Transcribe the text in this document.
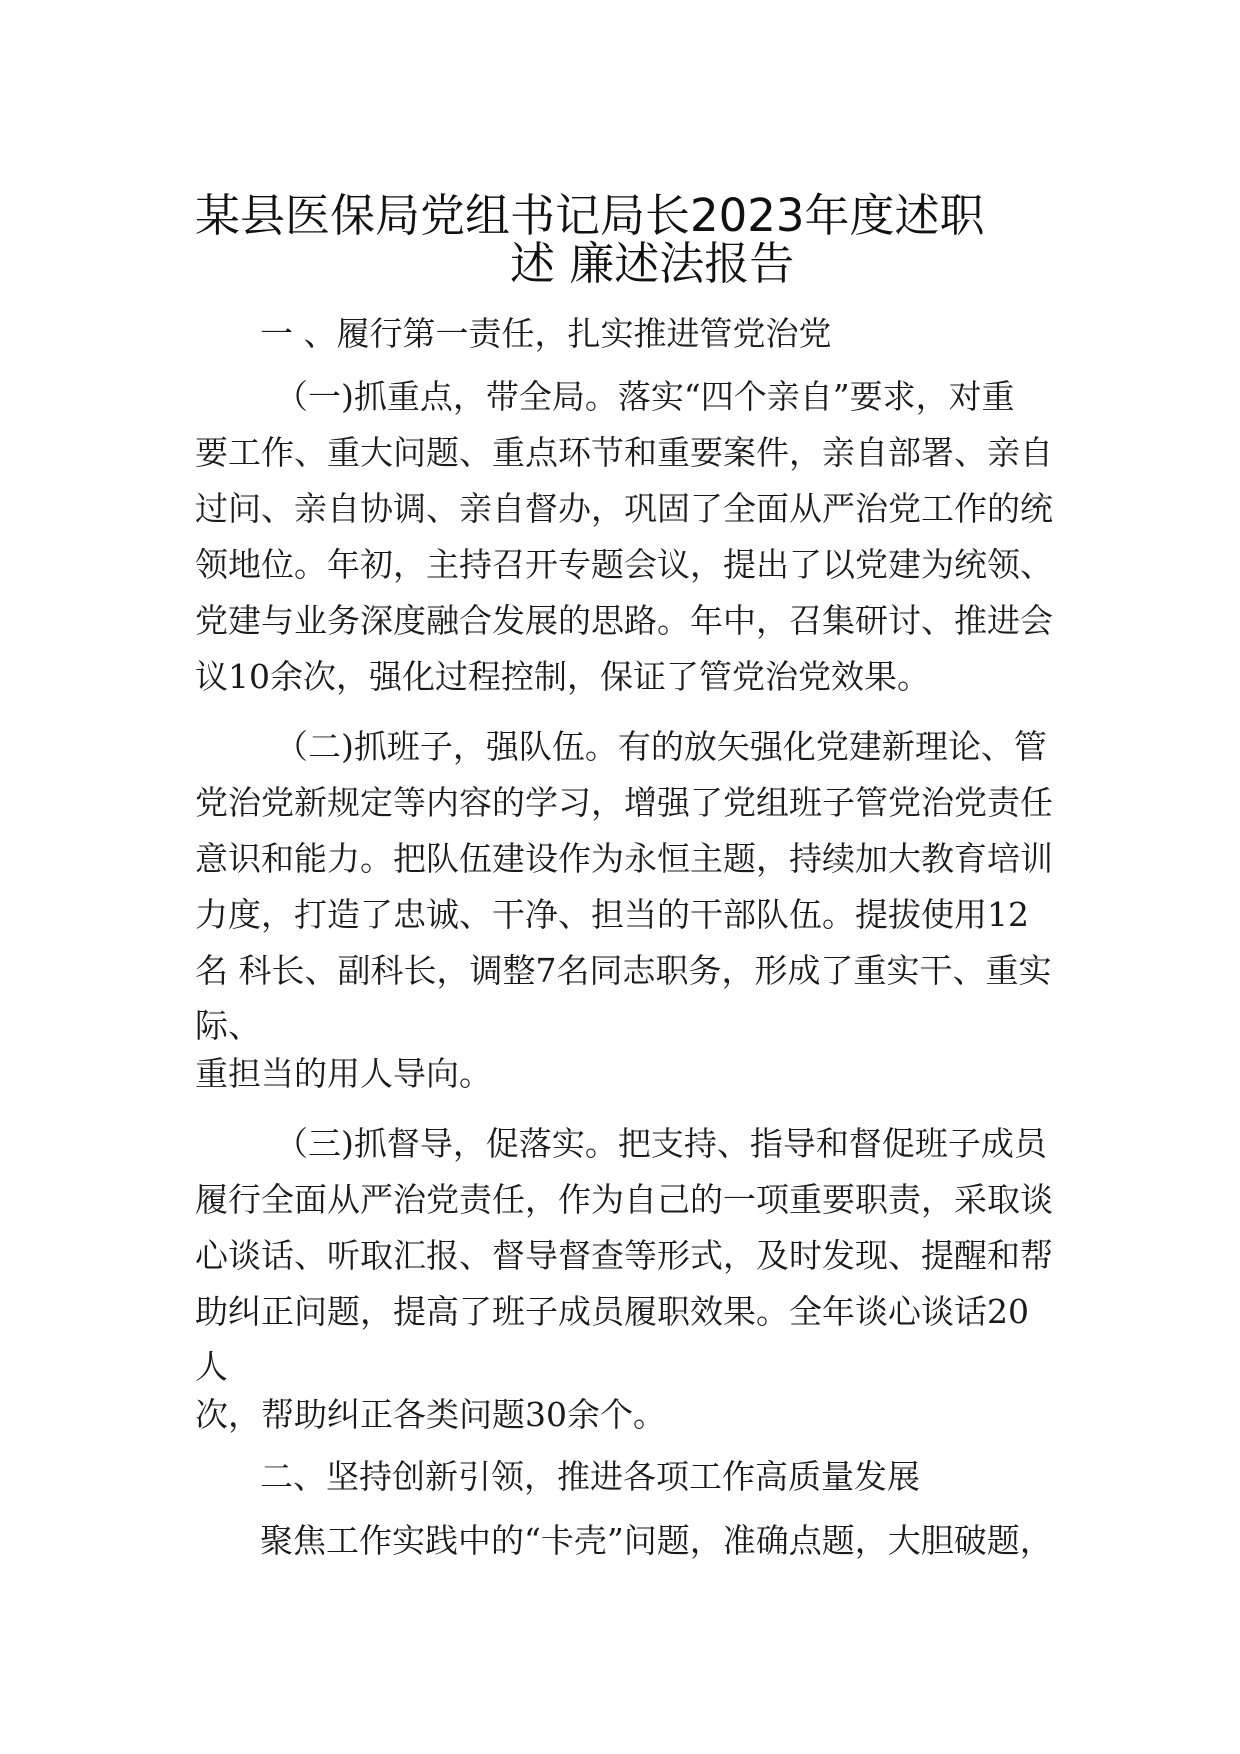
某县医保局党组书记局长2023年度述职
述 廉述法报告
一 、履行第一责任，扎实推进管党治党
（一)抓重点，带全局。落实“四个亲自”要求，对重
要工作、重大问题、重点环节和重要案件，亲自部署、亲自
过问、亲自协调、亲自督办，巩固了全面从严治党工作的统
领地位。年初，主持召开专题会议，提出了以党建为统领、
党建与业务深度融合发展的思路。年中，召集研讨、推进会
议10余次，强化过程控制，保证了管党治党效果。
（二)抓班子，强队伍。有的放矢强化党建新理论、管
党治党新规定等内容的学习，增强了党组班子管党治党责任
意识和能力。把队伍建设作为永恒主题，持续加大教育培训
力度，打造了忠诚、干净、担当的干部队伍。提拔使用12
名 科长、副科长，调整7名同志职务，形成了重实干、重实
际、
重担当的用人导向。
（三)抓督导，促落实。把支持、指导和督促班子成员
履行全面从严治党责任，作为自己的一项重要职责，采取谈
心谈话、听取汇报、督导督查等形式，及时发现、提醒和帮
助纠正问题，提高了班子成员履职效果。全年谈心谈话20
人
次，帮助纠正各类问题30余个。
二、坚持创新引领，推进各项工作高质量发展
聚焦工作实践中的“卡壳”问题，准确点题，大胆破题，
